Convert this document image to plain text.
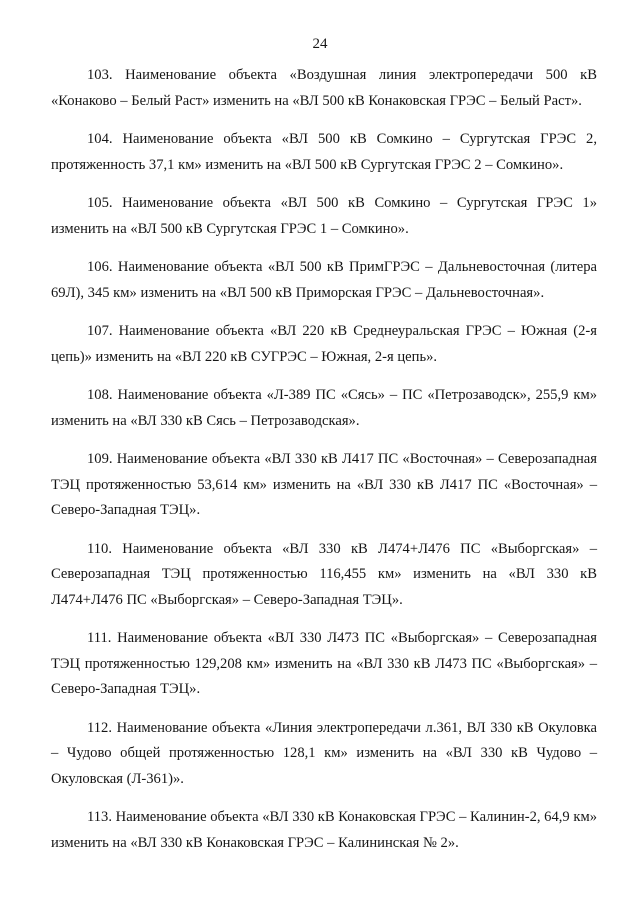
24

103. Наименование объекта «Воздушная линия электропередачи 500 кВ «Конаково – Белый Раст» изменить на «ВЛ 500 кВ Конаковская ГРЭС – Белый Раст».

104. Наименование объекта «ВЛ 500 кВ Сомкино – Сургутская ГРЭС 2, протяженность 37,1 км» изменить на «ВЛ 500 кВ Сургутская ГРЭС 2 – Сомкино».

105. Наименование объекта «ВЛ 500 кВ Сомкино – Сургутская ГРЭС 1» изменить на «ВЛ 500 кВ Сургутская ГРЭС 1 – Сомкино».

106. Наименование объекта «ВЛ 500 кВ ПримГРЭС – Дальневосточная (литера 69Л), 345 км» изменить на «ВЛ 500 кВ Приморская ГРЭС – Дальневосточная».

107. Наименование объекта «ВЛ 220 кВ Среднеуральская ГРЭС – Южная (2-я цепь)» изменить на «ВЛ 220 кВ СУГРЭС – Южная, 2-я цепь».

108. Наименование объекта «Л-389 ПС «Сясь» – ПС «Петрозаводск», 255,9 км» изменить на «ВЛ 330 кВ Сясь – Петрозаводская».

109. Наименование объекта «ВЛ 330 кВ Л417 ПС «Восточная» – Северозападная ТЭЦ протяженностью 53,614 км» изменить на «ВЛ 330 кВ Л417 ПС «Восточная» – Северо-Западная ТЭЦ».

110. Наименование объекта «ВЛ 330 кВ Л474+Л476 ПС «Выборгская» – Северозападная ТЭЦ протяженностью 116,455 км» изменить на «ВЛ 330 кВ Л474+Л476 ПС «Выборгская» – Северо-Западная ТЭЦ».

111. Наименование объекта «ВЛ 330 Л473 ПС «Выборгская» – Северозападная ТЭЦ протяженностью 129,208 км» изменить на «ВЛ 330 кВ Л473 ПС «Выборгская» – Северо-Западная ТЭЦ».

112. Наименование объекта «Линия электропередачи л.361, ВЛ 330 кВ Окуловка – Чудово общей протяженностью 128,1 км» изменить на «ВЛ 330 кВ Чудово – Окуловская (Л-361)».

113. Наименование объекта «ВЛ 330 кВ Конаковская ГРЭС – Калинин-2, 64,9 км» изменить на «ВЛ 330 кВ Конаковская ГРЭС – Калининская № 2».
